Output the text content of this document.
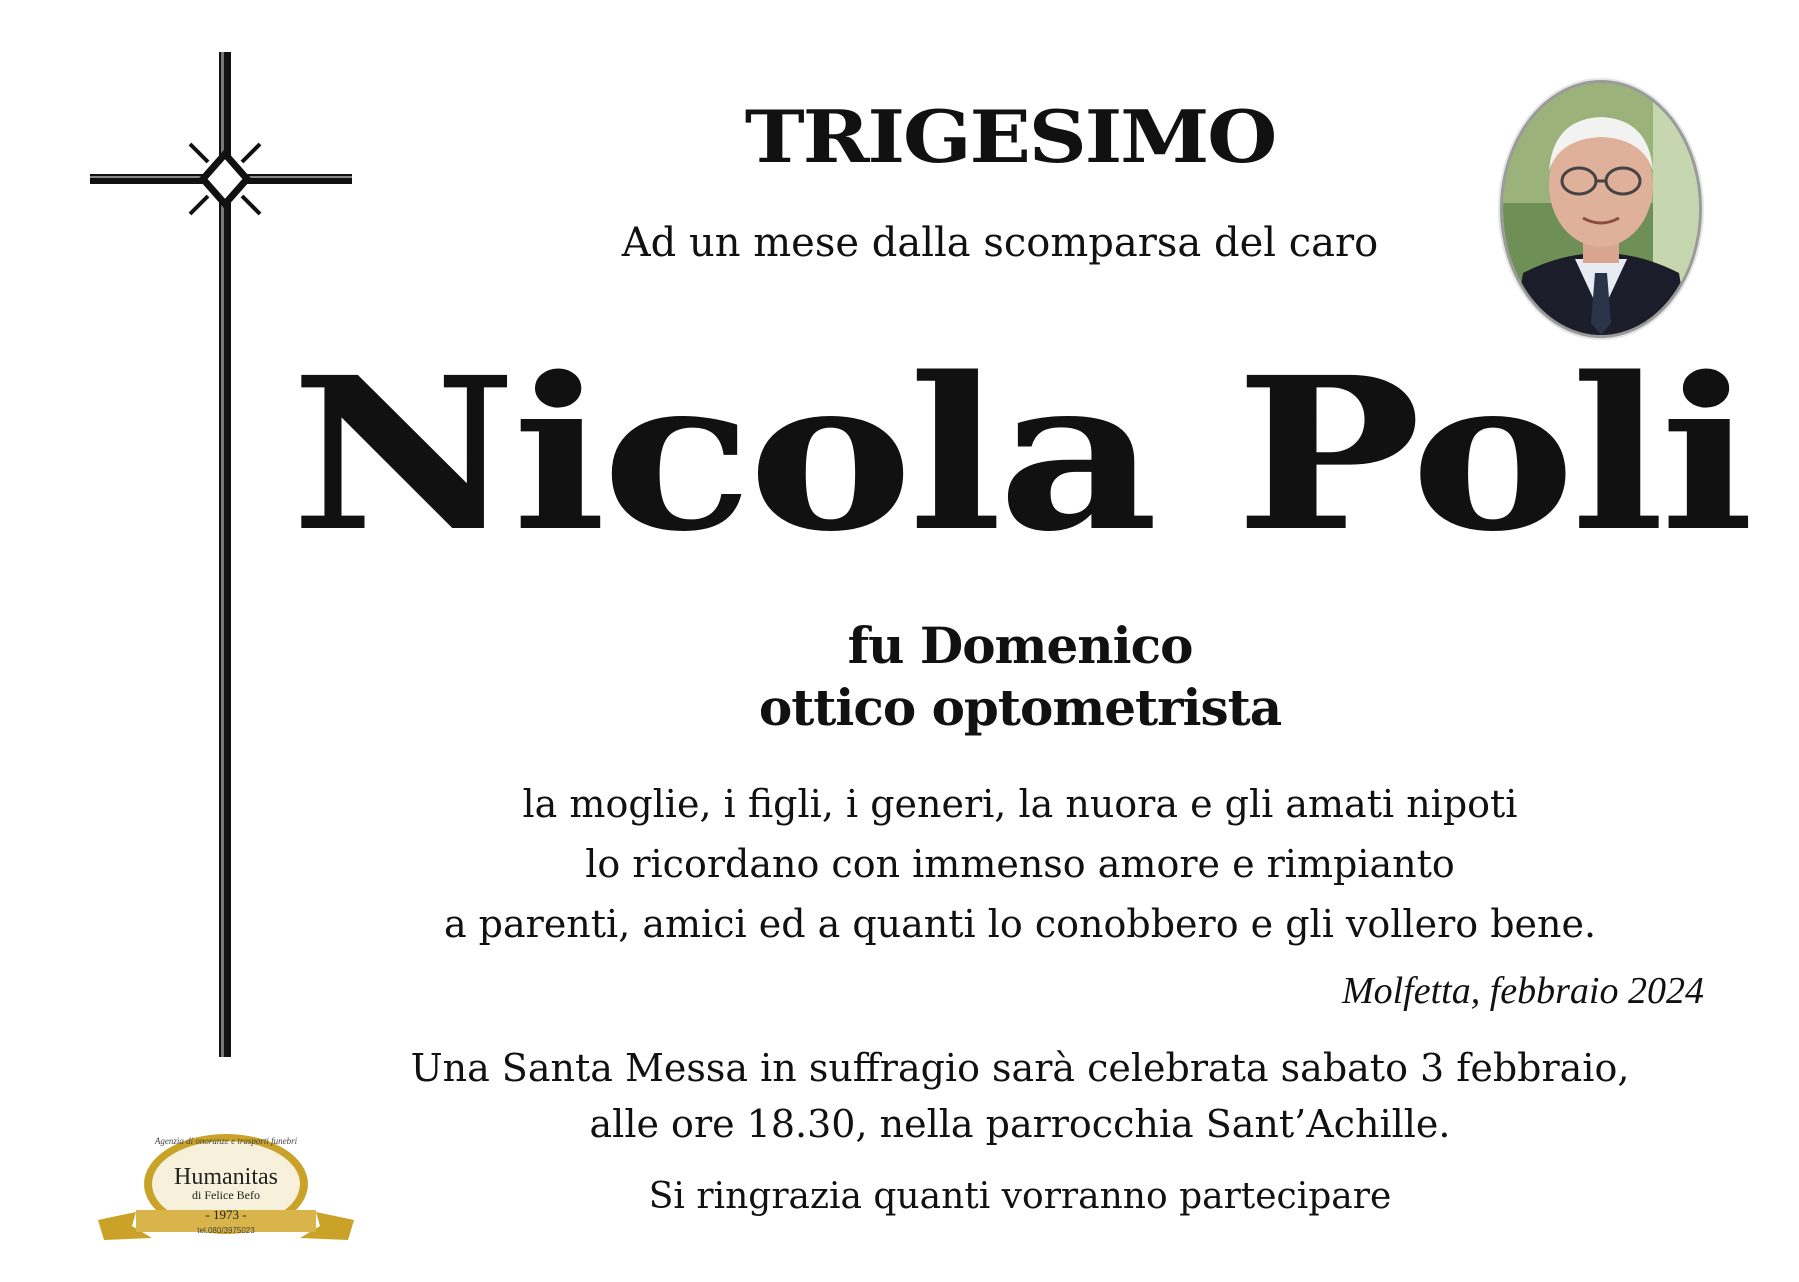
TRIGESIMO
Ad un mese dalla scomparsa del caro
Nicola Poli
fu Domenico
ottico optometrista
la moglie, i figli, i generi, la nuora e gli amati nipoti
lo ricordano con immenso amore e rimpianto
a parenti, amici ed a quanti lo conobbero e gli vollero bene.
Molfetta, febbraio 2024
Una Santa Messa in suffragio sarà celebrata sabato 3 febbraio,
alle ore 18.30, nella parrocchia Sant’Achille.
Si ringrazia quanti vorranno partecipare
Agenzia di onoranze e trasporti funebri
Humanitas
di Felice Befo
- 1973 -
tel.080/3975023
